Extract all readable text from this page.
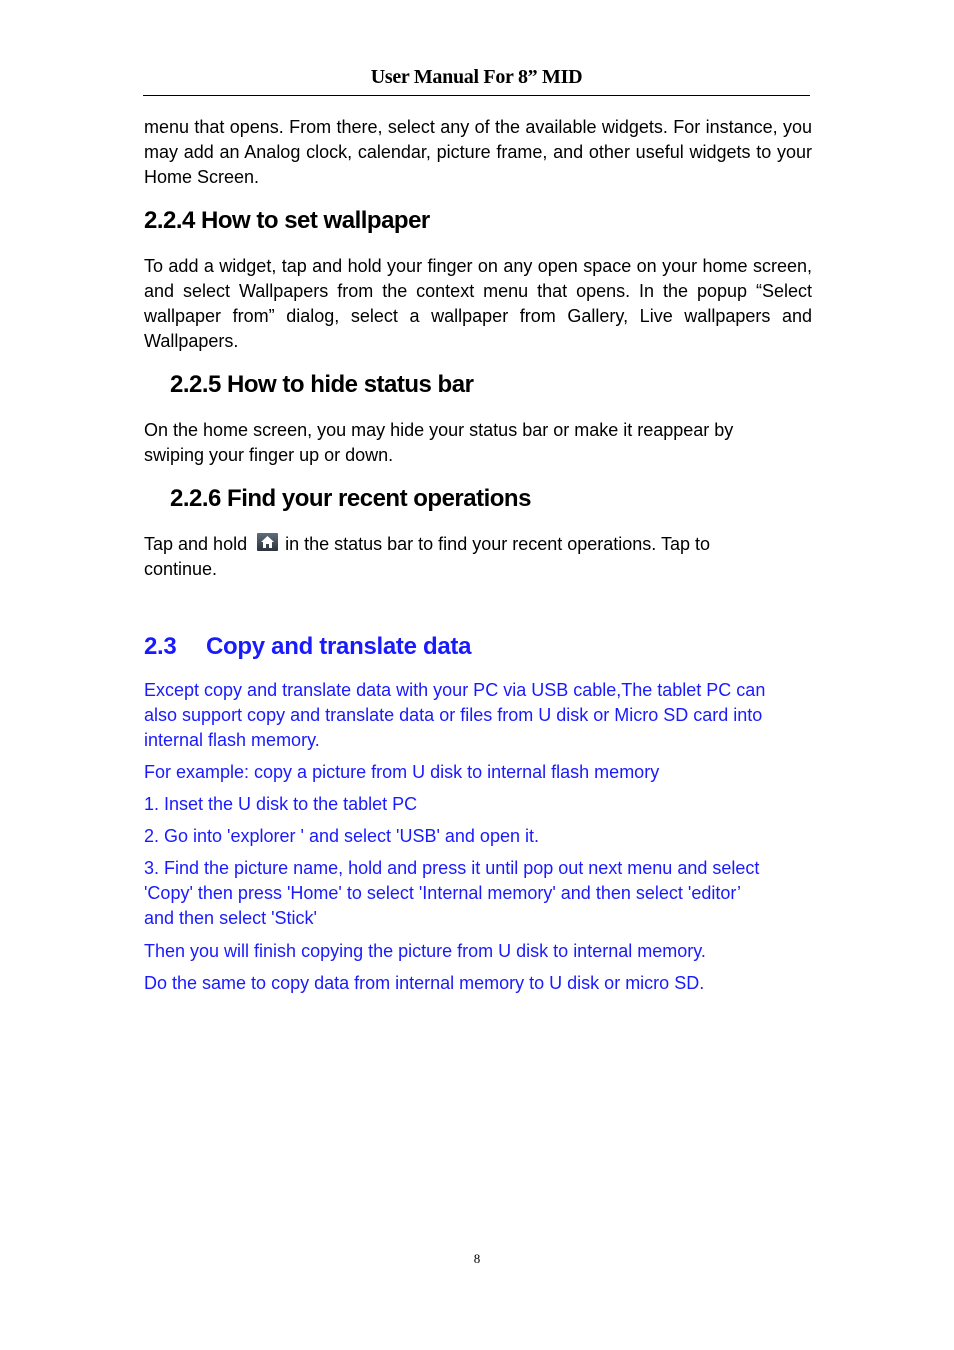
User Manual For 8” MID

menu that opens. From there, select any of the available widgets. For instance, you may add an Analog clock, calendar, picture frame, and other useful widgets to your Home Screen.

2.2.4 How to set wallpaper

To add a widget, tap and hold your finger on any open space on your home screen, and select Wallpapers from the context menu that opens. In the popup “Select wallpaper from” dialog, select a wallpaper from Gallery, Live wallpapers and Wallpapers.

2.2.5 How to hide status bar

On the home screen, you may hide your status bar or make it reappear by

swiping your finger up or down.

2.2.6 Find your recent operations

Tap and hold in the status bar to find your recent operations. Tap to

continue.

2.3 Copy and translate data

Except copy and translate data with your PC via USB cable,The tablet PC can

also support copy and translate data or files from U disk or Micro SD card into

internal flash memory.

For example: copy a picture from U disk to internal flash memory

1. Inset the U disk to the tablet PC

2. Go into 'explorer ' and select 'USB' and open it.

3. Find the picture name, hold and press it until pop out next menu and select

'Copy' then press 'Home' to select 'Internal memory' and then select 'editor’

and then select 'Stick'

Then you will finish copying the picture from U disk to internal memory.

Do the same to copy data from internal memory to U disk or micro SD.

8
